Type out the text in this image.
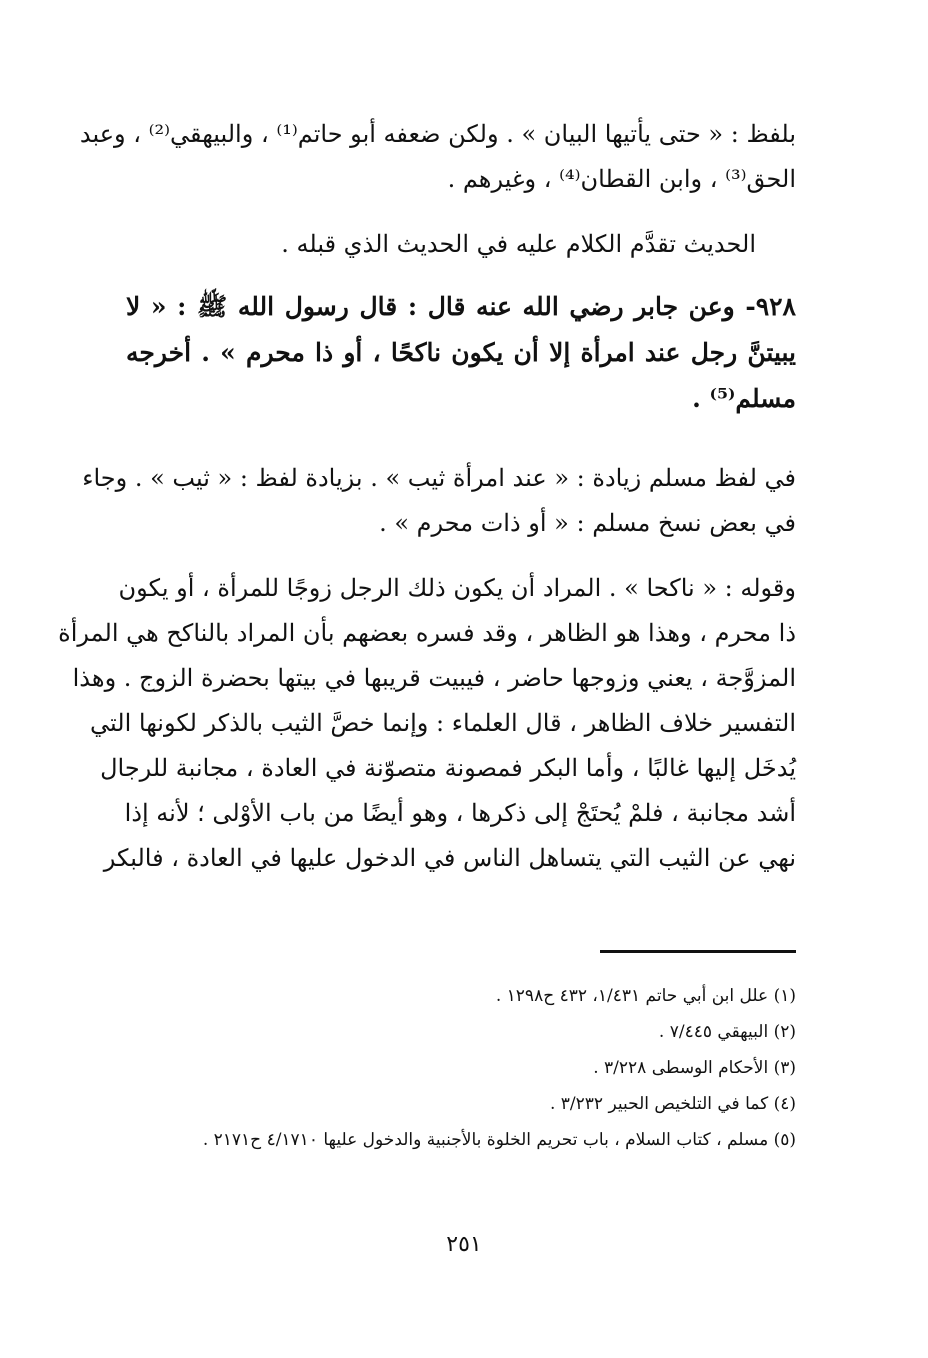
بلفظ : « حتى يأتيها البيان » . ولكن ضعفه أبو حاتم⁽¹⁾ ، والبيهقي⁽²⁾ ، وعبد
الحق⁽³⁾ ، وابن القطان⁽⁴⁾ ، وغيرهم .
الحديث تقدَّم الكلام عليه في الحديث الذي قبله .
٩٢٨- وعن جابر رضي الله عنه قال : قال رسول الله ﷺ : « لا
يبيتنَّ رجل عند امرأة إلا أن يكون ناكحًا ، أو ذا محرم » . أخرجه
مسلم⁽⁵⁾ .
في لفظ مسلم زيادة : « عند امرأة ثيب » . بزيادة لفظ : « ثيب » . وجاء
في بعض نسخ مسلم : « أو ذات محرم » .
وقوله : « ناكحا » . المراد أن يكون ذلك الرجل زوجًا للمرأة ، أو يكون
ذا محرم ، وهذا هو الظاهر ، وقد فسره بعضهم بأن المراد بالناكح هي المرأة
المزوَّجة ، يعني وزوجها حاضر ، فيبيت قريبها في بيتها بحضرة الزوج . وهذا
التفسير خلاف الظاهر ، قال العلماء : وإنما خصَّ الثيب بالذكر لكونها التي
يُدخَل إليها غالبًا ، وأما البكر فمصونة متصوّنة في العادة ، مجانبة للرجال
أشد مجانبة ، فلمْ يُحتَجْ إلى ذكرها ، وهو أيضًا من باب الأوْلى ؛ لأنه إذا
نهي عن الثيب التي يتساهل الناس في الدخول عليها في العادة ، فالبكر
(١) علل ابن أبي حاتم ١/٤٣١، ٤٣٢ ح١٢٩٨ .
(٢) البيهقي ٧/٤٤٥ .
(٣) الأحكام الوسطى ٣/٢٢٨ .
(٤) كما في التلخيص الحبير ٣/٢٣٢ .
(٥) مسلم ، كتاب السلام ، باب تحريم الخلوة بالأجنبية والدخول عليها ٤/١٧١٠ ح٢١٧١ .
٢٥١
